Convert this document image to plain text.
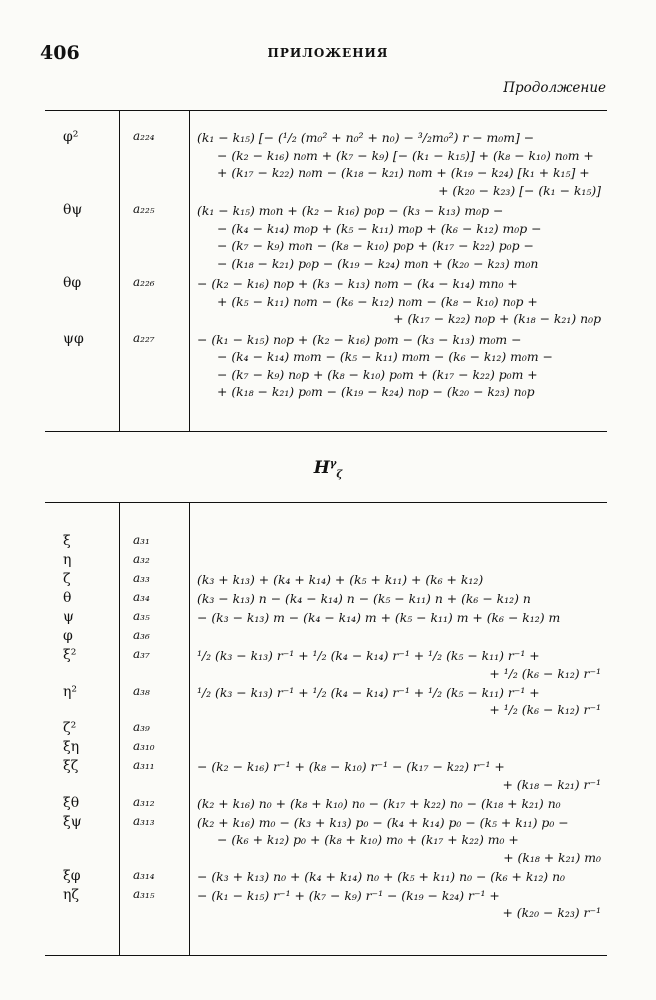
406	ПРИЛОЖЕНИЯ
Продолжение
φ²	a₂₂₄	(k₁ − k₁₅) [− (¹/₂ (m₀² + n₀² + n₀) − ³/₂m₀²) r − m₀m] −
− (k₂ − k₁₆) n₀m + (k₇ − k₉) [− (k₁ − k₁₅)] + (k₈ − k₁₀) n₀m +
+ (k₁₇ − k₂₂) n₀m − (k₁₈ − k₂₁) n₀m + (k₁₉ − k₂₄) [k₁ + k₁₅] +
+ (k₂₀ − k₂₃) [− (k₁ − k₁₅)]
θψ	a₂₂₅	(k₁ − k₁₅) m₀n + (k₂ − k₁₆) p₀p − (k₃ − k₁₃) m₀p −
− (k₄ − k₁₄) m₀p + (k₅ − k₁₁) m₀p + (k₆ − k₁₂) m₀p −
− (k₇ − k₉) m₀n − (k₈ − k₁₀) p₀p + (k₁₇ − k₂₂) p₀p −
− (k₁₈ − k₂₁) p₀p − (k₁₉ − k₂₄) m₀n + (k₂₀ − k₂₃) m₀n
θφ	a₂₂₆	− (k₂ − k₁₆) n₀p + (k₃ − k₁₃) n₀m − (k₄ − k₁₄) mn₀ +
+ (k₅ − k₁₁) n₀m − (k₆ − k₁₂) n₀m − (k₈ − k₁₀) n₀p +
+ (k₁₇ − k₂₂) n₀p + (k₁₈ − k₂₁) n₀p
ψφ	a₂₂₇	− (k₁ − k₁₅) n₀p + (k₂ − k₁₆) p₀m − (k₃ − k₁₃) m₀m −
− (k₄ − k₁₄) m₀m − (k₅ − k₁₁) m₀m − (k₆ − k₁₂) m₀m −
− (k₇ − k₉) n₀p + (k₈ − k₁₀) p₀m + (k₁₇ − k₂₂) p₀m +
+ (k₁₈ − k₂₁) p₀m − (k₁₉ − k₂₄) n₀p − (k₂₀ − k₂₃) n₀p
$H^\gamma_\zeta$
ξ	a₃₁
η	a₃₂
ζ	a₃₃	(k₃ + k₁₃) + (k₄ + k₁₄) + (k₅ + k₁₁) + (k₆ + k₁₂)
θ	a₃₄	(k₃ − k₁₃) n − (k₄ − k₁₄) n − (k₅ − k₁₁) n + (k₆ − k₁₂) n
ψ	a₃₅	− (k₃ − k₁₃) m − (k₄ − k₁₄) m + (k₅ − k₁₁) m + (k₆ − k₁₂) m
φ	a₃₆
ξ²	a₃₇	¹/₂ (k₃ − k₁₃) r⁻¹ + ¹/₂ (k₄ − k₁₄) r⁻¹ + ¹/₂ (k₅ − k₁₁) r⁻¹ +
+ ¹/₂ (k₆ − k₁₂) r⁻¹
η²	a₃₈	¹/₂ (k₃ − k₁₃) r⁻¹ + ¹/₂ (k₄ − k₁₄) r⁻¹ + ¹/₂ (k₅ − k₁₁) r⁻¹ +
+ ¹/₂ (k₆ − k₁₂) r⁻¹
ζ²	a₃₉
ξη	a₃₁₀
ξζ	a₃₁₁	− (k₂ − k₁₆) r⁻¹ + (k₈ − k₁₀) r⁻¹ − (k₁₇ − k₂₂) r⁻¹ +
+ (k₁₈ − k₂₁) r⁻¹
ξθ	a₃₁₂	(k₂ + k₁₆) n₀ + (k₈ + k₁₀) n₀ − (k₁₇ + k₂₂) n₀ − (k₁₈ + k₂₁) n₀
ξψ	a₃₁₃	(k₂ + k₁₆) m₀ − (k₃ + k₁₃) p₀ − (k₄ + k₁₄) p₀ − (k₅ + k₁₁) p₀ −
− (k₆ + k₁₂) p₀ + (k₈ + k₁₀) m₀ + (k₁₇ + k₂₂) m₀ +
+ (k₁₈ + k₂₁) m₀
ξφ	a₃₁₄	− (k₃ + k₁₃) n₀ + (k₄ + k₁₄) n₀ + (k₅ + k₁₁) n₀ − (k₆ + k₁₂) n₀
ηζ	a₃₁₅	− (k₁ − k₁₅) r⁻¹ + (k₇ − k₉) r⁻¹ − (k₁₉ − k₂₄) r⁻¹ +
+ (k₂₀ − k₂₃) r⁻¹
